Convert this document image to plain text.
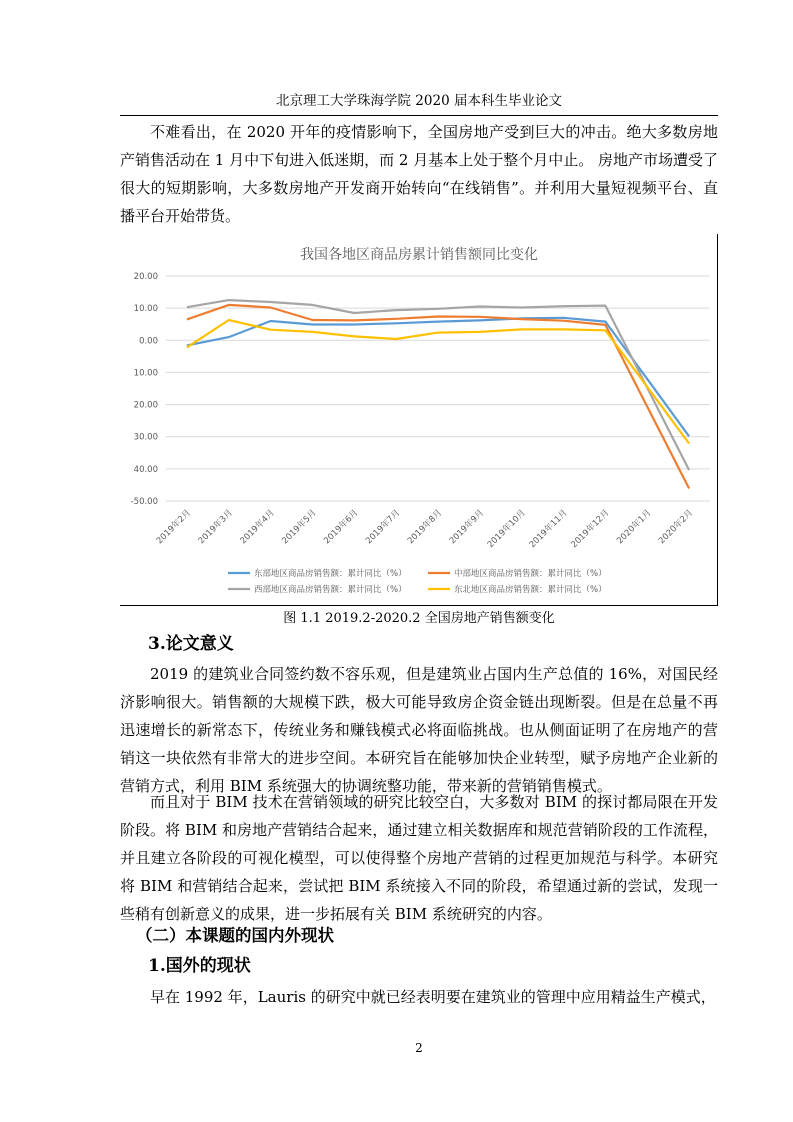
北京理工大学珠海学院 2020 届本科生毕业论文

不难看出，在 2020 开年的疫情影响下，全国房地产受到巨大的冲击。绝大多数房地产销售活动在 1 月中下旬进入低迷期，而 2 月基本上处于整个月中止。 房地产市场遭受了很大的短期影响，大多数房地产开发商开始转向“在线销售”。并利用大量短视频平台、直播平台开始带货。

我国各地区商品房累计销售额同比变化
20.00
10.00
0.00
10.00
20.00
30.00
40.00
-50.00
2019年2月 2019年3月 2019年4月 2019年5月 2019年6月 2019年7月 2019年8月 2019年9月 2019年10月 2019年11月 2019年12月 2020年1月 2020年2月
东部地区商品房销售额：累计同比（%）	中部地区商品房销售额：累计同比（%）
西部地区商品房销售额：累计同比（%）	东北地区商品房销售额：累计同比（%）
图 1.1 2019.2-2020.2 全国房地产销售额变化
3.论文意义

2019 的建筑业合同签约数不容乐观，但是建筑业占国内生产总值的 16%，对国民经济影响很大。销售额的大规模下跌，极大可能导致房企资金链出现断裂。但是在总量不再迅速增长的新常态下，传统业务和赚钱模式必将面临挑战。也从侧面证明了在房地产的营销这一块依然有非常大的进步空间。本研究旨在能够加快企业转型，赋予房地产企业新的营销方式，利用 BIM 系统强大的协调统整功能，带来新的营销销售模式。

而且对于 BIM 技术在营销领域的研究比较空白，大多数对 BIM 的探讨都局限在开发阶段。将 BIM 和房地产营销结合起来，通过建立相关数据库和规范营销阶段的工作流程，并且建立各阶段的可视化模型，可以使得整个房地产营销的过程更加规范与科学。本研究将 BIM 和营销结合起来，尝试把 BIM 系统接入不同的阶段，希望通过新的尝试，发现一些稍有创新意义的成果，进一步拓展有关 BIM 系统研究的内容。

（二）本课题的国内外现状
1.国外的现状

早在 1992 年，Lauris 的研究中就已经表明要在建筑业的管理中应用精益生产模式，

2
